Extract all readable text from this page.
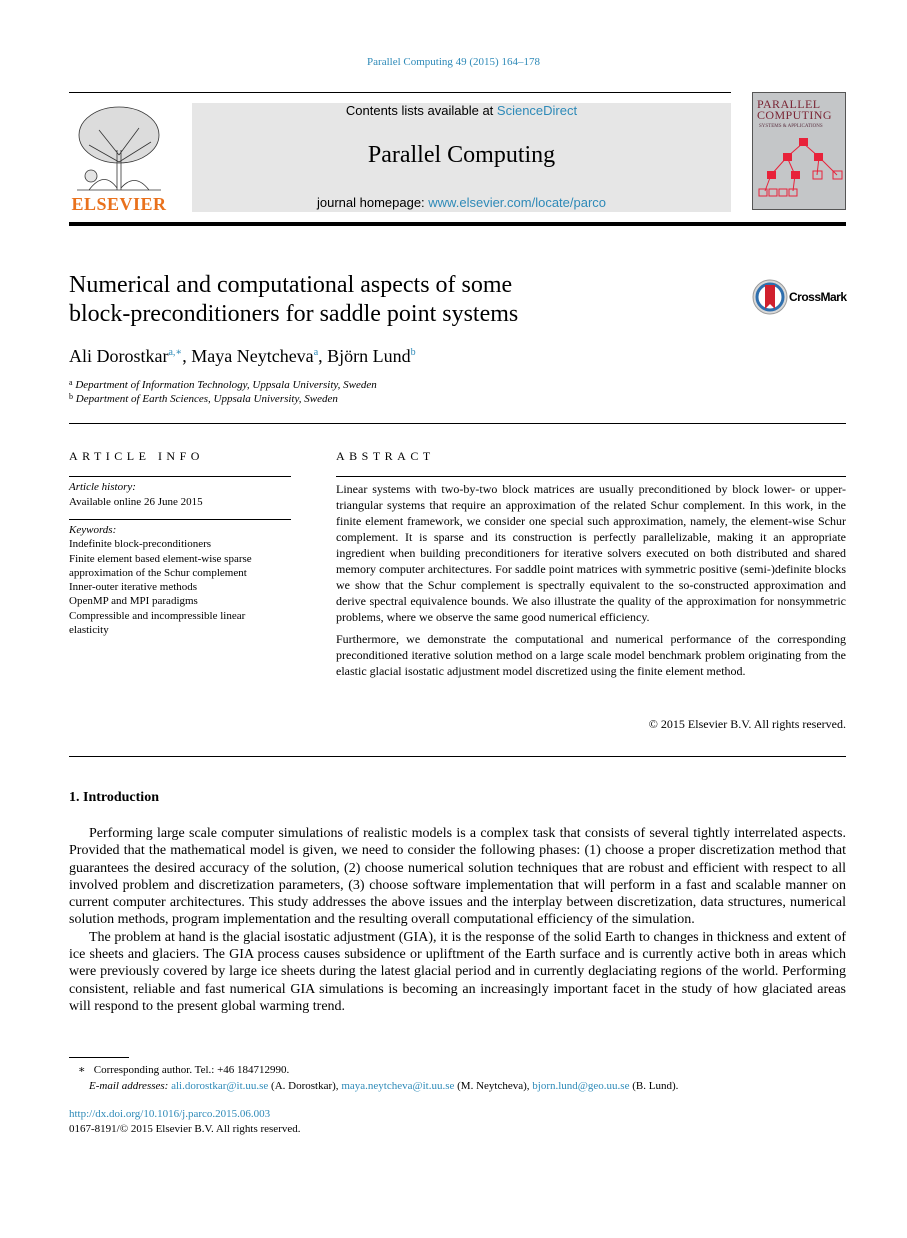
Parallel Computing 49 (2015) 164–178
ELSEVIER
Contents lists available at ScienceDirect
Parallel Computing
journal homepage: www.elsevier.com/locate/parco
PARALLEL COMPUTING
SYSTEMS & APPLICATIONS
Numerical and computational aspects of some
block-preconditioners for saddle point systems
CrossMark
Ali Dorostkar$^{a,∗}$, Maya Neytcheva$^a$, Björn Lund$^b$
$^a$ Department of Information Technology, Uppsala University, Sweden
$^b$ Department of Earth Sciences, Uppsala University, Sweden
ARTICLE INFO
Article history:
Available online 26 June 2015
Keywords:
Indefinite block-preconditioners
Finite element based element-wise sparse
approximation of the Schur complement
Inner-outer iterative methods
OpenMP and MPI paradigms
Compressible and incompressible linear
elasticity
ABSTRACT

Linear systems with two-by-two block matrices are usually preconditioned by block lower- or upper-triangular systems that require an approximation of the related Schur complement. In this work, in the finite element framework, we consider one special such approximation, namely, the element-wise Schur complement. It is sparse and its construction is perfectly parallelizable, making it an appropriate ingredient when building preconditioners for iterative solvers executed on both distributed and shared memory computer architectures. For saddle point matrices with symmetric positive (semi-)definite blocks we show that the Schur complement is spectrally equivalent to the so-constructed approximation and derive spectral equivalence bounds. We also illustrate the quality of the approximation for nonsymmetric problems, where we observe the same good numerical efficiency.

Furthermore, we demonstrate the computational and numerical performance of the corresponding preconditioned iterative solution method on a large scale model benchmark problem originating from the elastic glacial isostatic adjustment model discretized using the finite element method.

© 2015 Elsevier B.V. All rights reserved.
1. Introduction

Performing large scale computer simulations of realistic models is a complex task that consists of several tightly interrelated aspects. Provided that the mathematical model is given, we need to consider the following phases: (1) choose a proper discretization method that guarantees the desired accuracy of the solution, (2) choose numerical solution techniques that are robust and efficient with respect to all involved problem and discretization parameters, (3) choose software implementation that will perform in a fast and scalable manner on current computer architectures. This study addresses the above issues and the interplay between discretization, data structures, numerical solution methods, program implementation and the resulting overall computational efficiency of the simulation.

The problem at hand is the glacial isostatic adjustment (GIA), it is the response of the solid Earth to changes in thickness and extent of ice sheets and glaciers. The GIA process causes subsidence or upliftment of the Earth surface and is currently active both in areas which were previously covered by large ice sheets during the latest glacial period and in currently deglaciating regions of the world. Performing consistent, reliable and fast numerical GIA simulations is becoming an increasingly important facet in the study of how glaciated areas will respond to the present global warming trend.

∗ Corresponding author. Tel.: +46 184712990.
E-mail addresses: ali.dorostkar@it.uu.se (A. Dorostkar), maya.neytcheva@it.uu.se (M. Neytcheva), bjorn.lund@geo.uu.se (B. Lund).
http://dx.doi.org/10.1016/j.parco.2015.06.003
0167-8191/© 2015 Elsevier B.V. All rights reserved.
